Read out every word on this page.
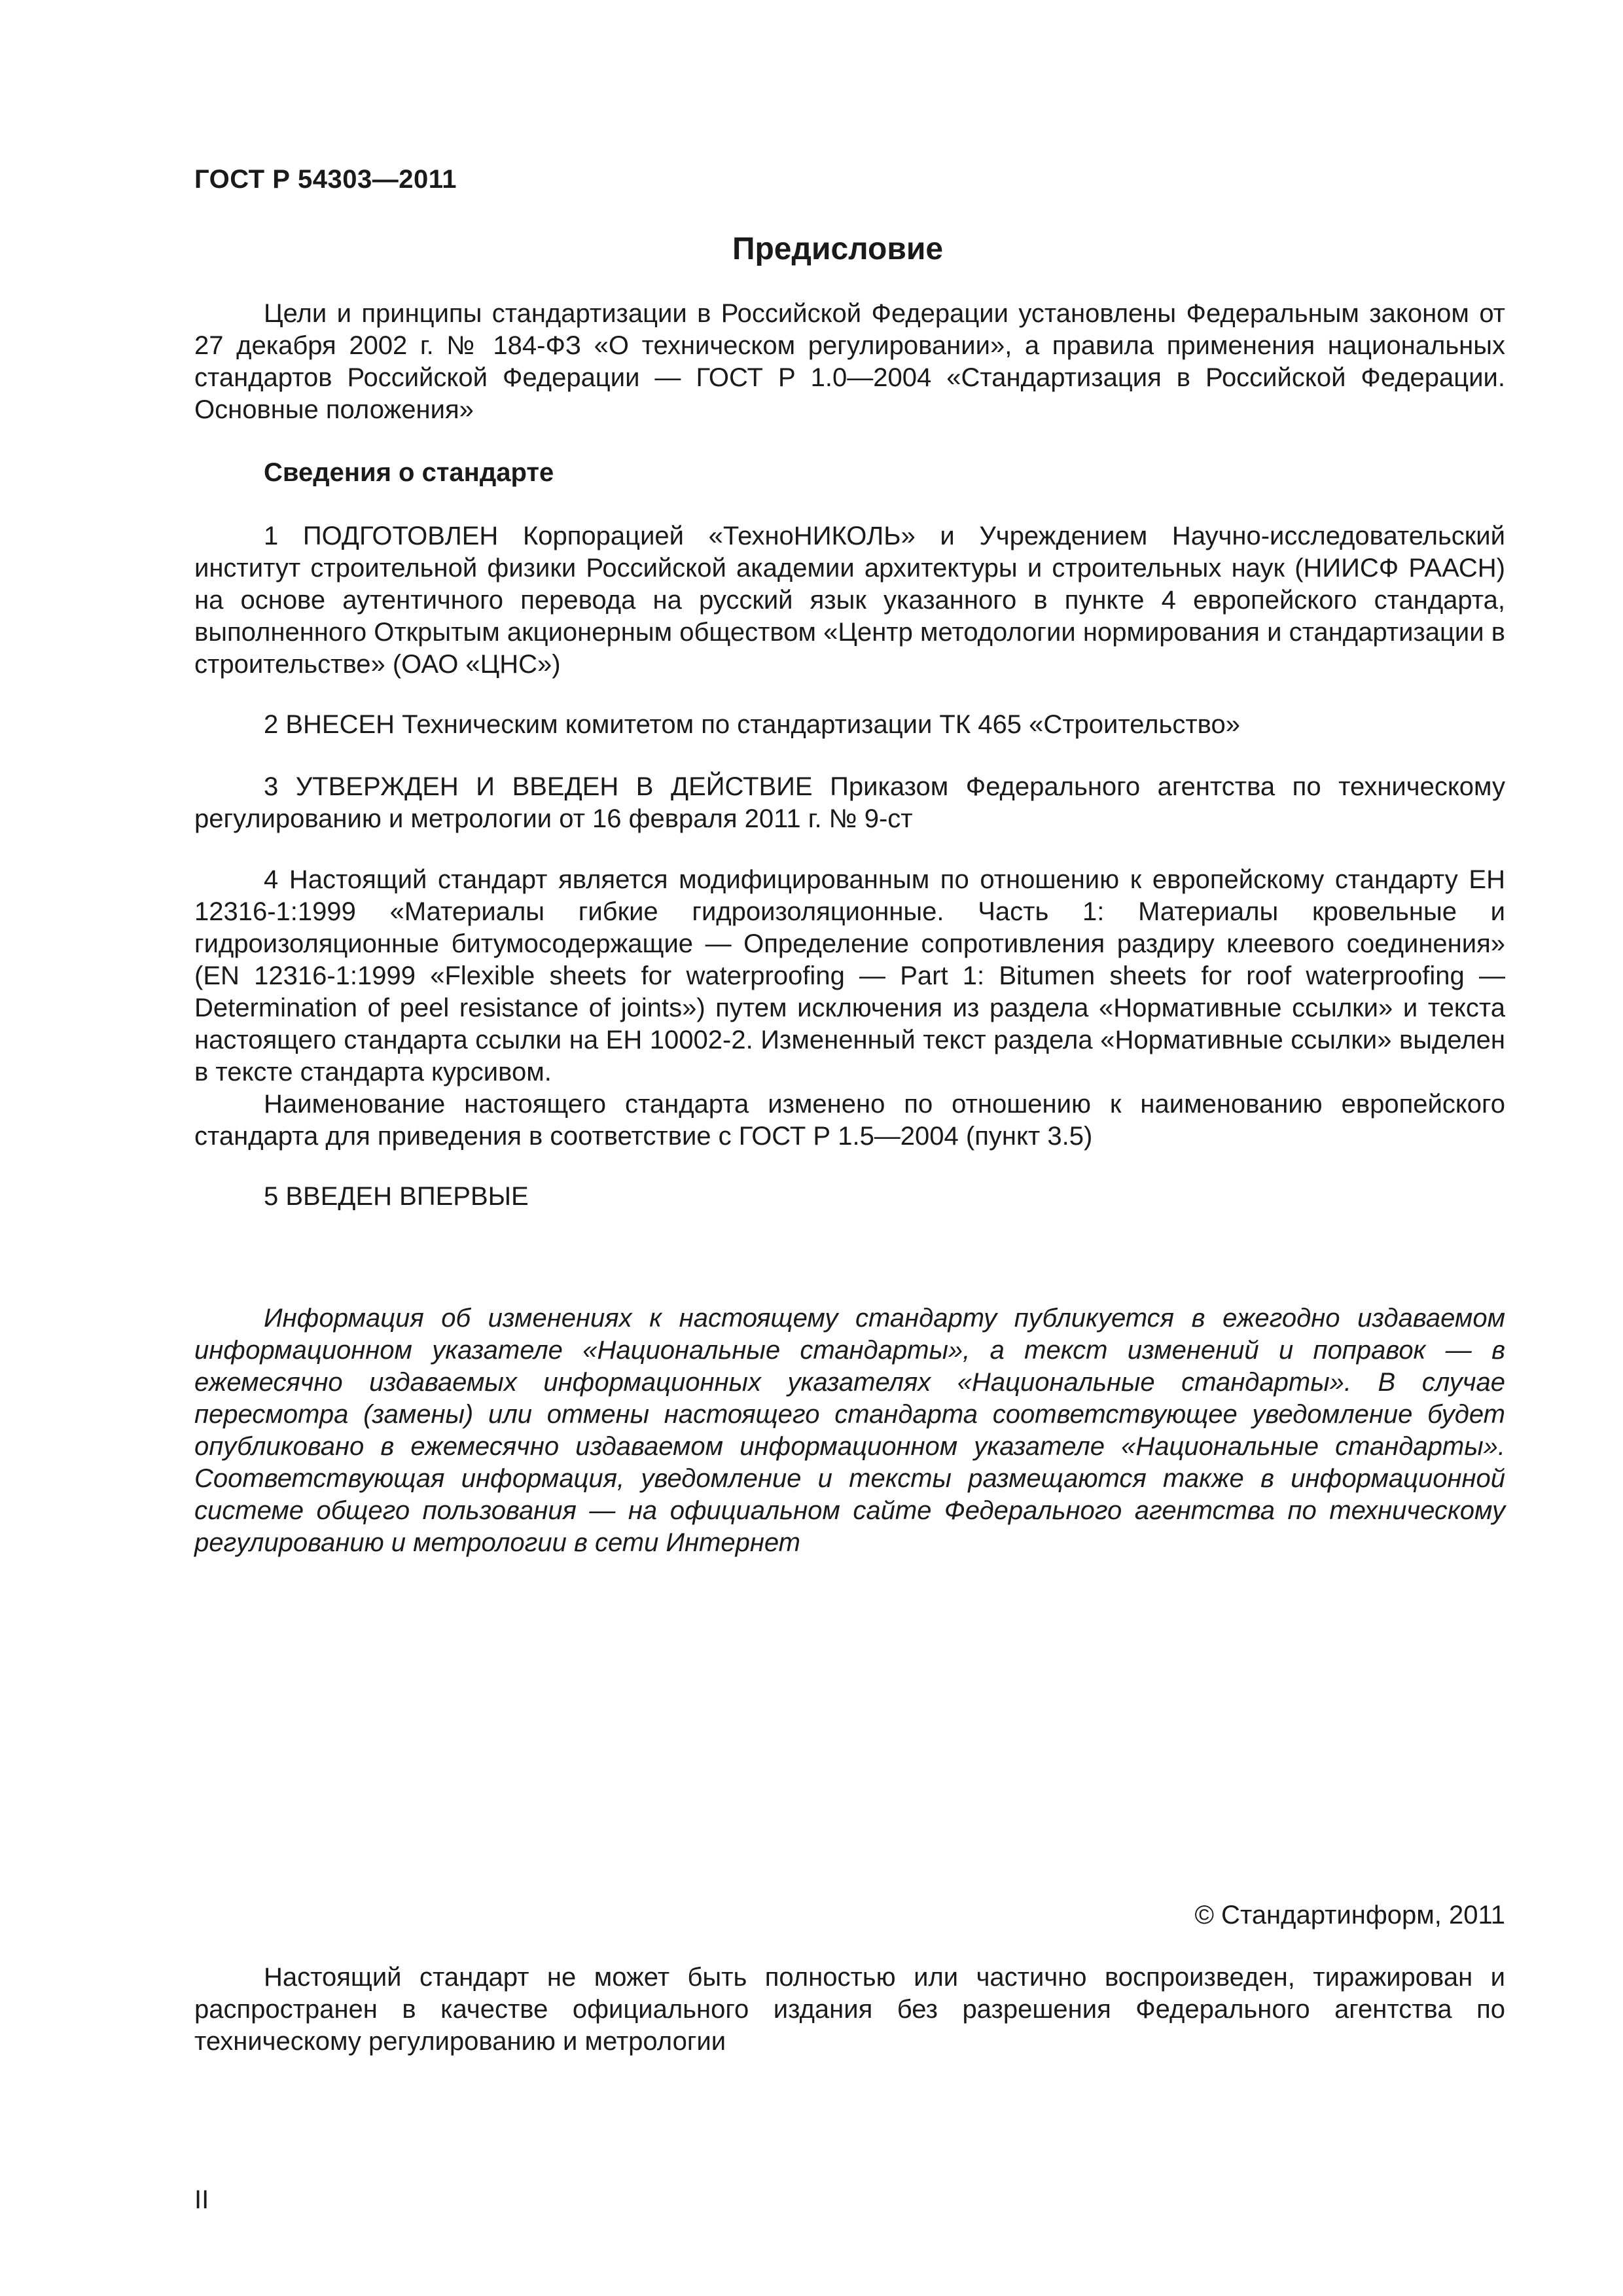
ГОСТ Р 54303—2011
Предисловие

Цели и принципы стандартизации в Российской Федерации установлены Федеральным законом от 27 декабря 2002 г. № 184-ФЗ «О техническом регулировании», а правила применения национальных стандартов Российской Федерации — ГОСТ Р 1.0—2004 «Стандартизация в Российской Федерации. Основные положения»

Сведения о стандарте

1 ПОДГОТОВЛЕН Корпорацией «ТехноНИКОЛЬ» и Учреждением Научно-исследовательский институт строительной физики Российской академии архитектуры и строительных наук (НИИСФ РААСН) на основе аутентичного перевода на русский язык указанного в пункте 4 европейского стандарта, выполненного Открытым акционерным обществом «Центр методологии нормирования и стандартизации в строительстве» (ОАО «ЦНС»)

2 ВНЕСЕН Техническим комитетом по стандартизации ТК 465 «Строительство»

3 УТВЕРЖДЕН И ВВЕДЕН В ДЕЙСТВИЕ Приказом Федерального агентства по техническому регулированию и метрологии от 16 февраля 2011 г. № 9-ст

4 Настоящий стандарт является модифицированным по отношению к европейскому стандарту ЕН 12316-1:1999 «Материалы гибкие гидроизоляционные. Часть 1: Материалы кровельные и гидроизоляционные битумосодержащие — Определение сопротивления раздиру клеевого соединения» (EN 12316-1:1999 «Flexible sheets for waterproofing — Part 1: Bitumen sheets for roof waterproofing — Determination of peel resistance of joints») путем исключения из раздела «Нормативные ссылки» и текста настоящего стандарта ссылки на ЕН 10002-2. Измененный текст раздела «Нормативные ссылки» выделен в тексте стандарта курсивом.

Наименование настоящего стандарта изменено по отношению к наименованию европейского стандарта для приведения в соответствие с ГОСТ Р 1.5—2004 (пункт 3.5)

5 ВВЕДЕН ВПЕРВЫЕ

Информация об изменениях к настоящему стандарту публикуется в ежегодно издаваемом информационном указателе «Национальные стандарты», а текст изменений и поправок — в ежемесячно издаваемых информационных указателях «Национальные стандарты». В случае пересмотра (замены) или отмены настоящего стандарта соответствующее уведомление будет опубликовано в ежемесячно издаваемом информационном указателе «Национальные стандарты». Соответствующая информация, уведомление и тексты размещаются также в информационной системе общего пользования — на официальном сайте Федерального агентства по техническому регулированию и метрологии в сети Интернет

© Стандартинформ, 2011

Настоящий стандарт не может быть полностью или частично воспроизведен, тиражирован и распространен в качестве официального издания без разрешения Федерального агентства по техническому регулированию и метрологии

II
